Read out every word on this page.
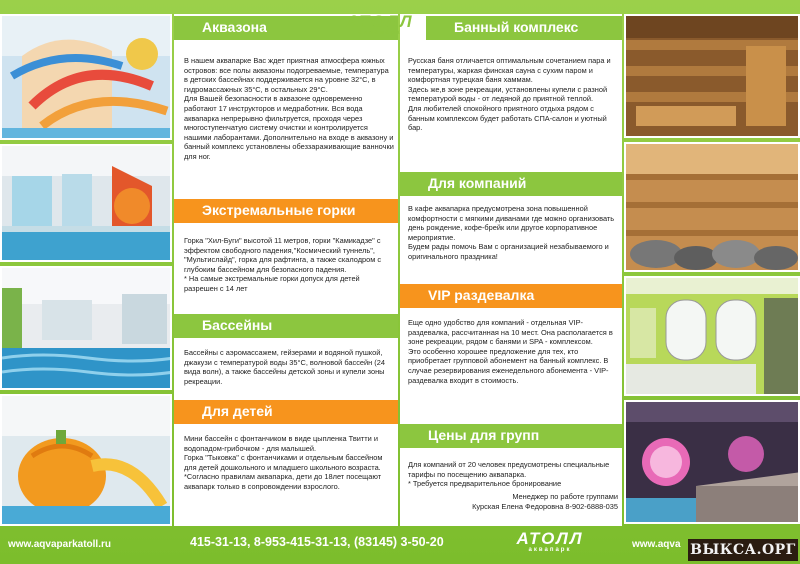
Аквазона
В нашем аквапарке Вас ждет приятная атмосфера южных островов: все полы аквазоны подогреваемые, температура в детских бассейнах поддерживается на уровне 32°С, в гидромассажных 35°С, в остальных 29°С.
Для Вашей безопасности в аквазоне одновременно работают 17 инструкторов и медработник. Вся вода аквапарка непрерывно фильтруется, проходя через многоступенчатую систему очистки и контролируется нашими лаборантами. Дополнительно на входе в аквазону и банный комплекс установлены обеззараживающие ванночки для ног.
Экстремальные горки
Горка "Хил-Буги" высотой 11 метров, горки "Камикадзе" с эффектом свободного падения,"Космический туннель", "Мультислайд", горка для рафтинга, а также скалодром с глубоким бассейном для безопасного падения.
* На самые экстремальные горки допуск для детей разрешен с 14 лет
Бассейны
Бассейны с аэромассажем, гейзерами и водяной пушкой, джакузи с температурой воды 35°С, волновой бассейн (24 вида волн), а также бассейны детской зоны и купели зоны рекреации.
Для детей
Мини бассейн с фонтанчиком в виде цыпленка Твитти и водопадом-грибочком - для малышей.
Горка "Тыковка" с фонтанчиками и отдельным бассейном для детей дошкольного и младшего школьного возраста.
*Согласно правилам аквапарка, дети до 18лет посещают аквапарк только в сопровождении взрослого.
Банный комплекс
Русская баня отличается оптимальным сочетанием пара и температуры, жаркая финская сауна с сухим паром и комфортная турецкая баня хаммам.
Здесь же,в зоне рекреации, установлены купели с разной температурой воды - от ледяной до приятной теплой.
Для любителей спокойного приятного отдыха рядом с банным комплексом будет работать СПА-салон и уютный бар.
Для компаний
В кафе аквапарка предусмотрена зона повышенной комфортности с мягкими диванами где можно организовать день рождение, кофе-брейк или другое корпоративное мероприятие.
Будем рады помочь Вам с организацией незабываемого и оригинального праздника!
VIP раздевалка
Еще одно удобство для компаний - отдельная VIP-раздевалка, рассчитанная на 10 мест. Она располагается в зоне рекреации, рядом с банями и SPA - комплексом.
Это особенно хорошее предложение для тех, кто приобретает групповой абонемент на банный комплекс. В случае резервирования еженедельного абонемента - VIP-раздевалка входит в стоимость.
Цены для групп
Для компаний от 20 человек предусмотрены специальные тарифы по посещению аквапарка.
* Требуется предварительное бронирование
Менеджер по работе группами
Курская Елена Федоровна 8-902-6888-035
АТОЛЛ
аквапарк
www.aqvaparkatoll.ru	415-31-13, 8-953-415-31-13, (83145) 3-50-20	АТОЛЛ
аквапарк	www.aqva ВЫКСА.ОРГ
